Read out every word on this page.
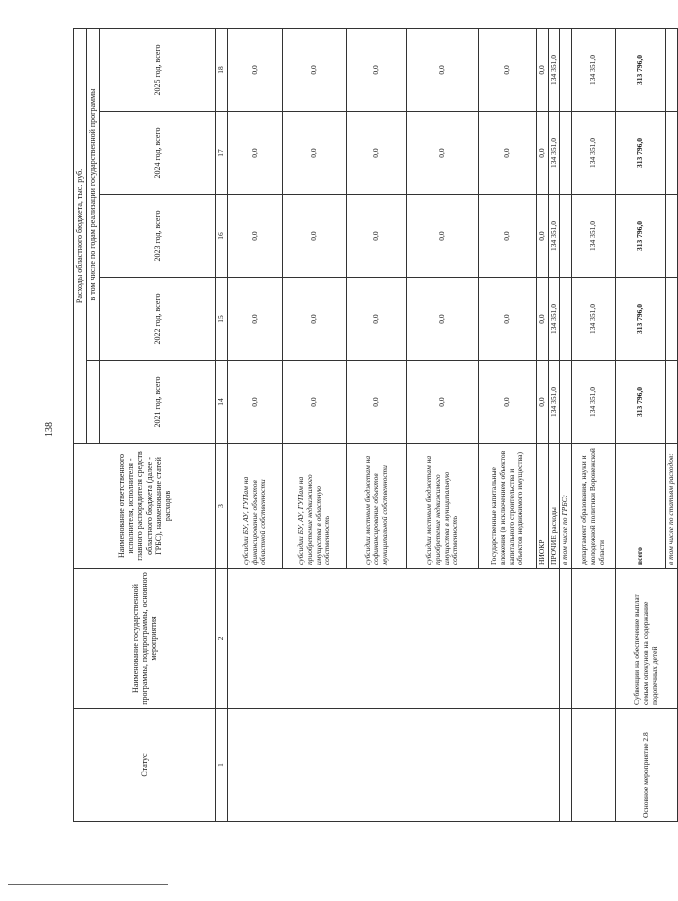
138
Статус	Наименование государственной программы, подпрограммы, основного мероприятия	Наименование ответственного исполнителя, исполнителя - главного распорядителя средств областного бюджета (далее - ГРБС), наименование статей расходов	Расходы областного бюджета, тыс. руб.				
				в том числе по годам реализации государственной программы			
			2021 год, всего	2022 год, всего	2023 год, всего	2024 год, всего	2025 год, всего
1	2	3	14	15	16	17	18
		субсидии БУ, АУ, ГУПам на финансирование объектов областной собственности	0,0	0,0	0,0	0,0	0,0
		субсидии БУ, АУ, ГУПам на приобретение недвижимого имущества в областную собственность	0,0	0,0	0,0	0,0	0,0
		субсидии местным бюджетам на софинансирование объектов муниципальной собственности	0,0	0,0	0,0	0,0	0,0
		субсидии местным бюджетам на приобретение недвижимого имущества в муниципальную собственность	0,0	0,0	0,0	0,0	0,0
		Государственные капитальные вложения (в исключением объектов капитального строительства и объектов недвижимого имущества)	0,0	0,0	0,0	0,0	0,0
		НИОКР	0,0	0,0	0,0	0,0	0,0
		ПРОЧИЕ расходы	134 351,0	134 351,0	134 351,0	134 351,0	134 351,0
		в том числе по ГРБС:					
		департамент образования, науки и молодежной политики Воронежской области	134 351,0	134 351,0	134 351,0	134 351,0	134 351,0
Основное мероприятие 2.8	Субвенции на обеспечение выплат семьям опекунов на содержание подопечных детей	всего	313 796,0	313 796,0	313 796,0	313 796,0	313 796,0
		в том числе по статьям расходов:					
